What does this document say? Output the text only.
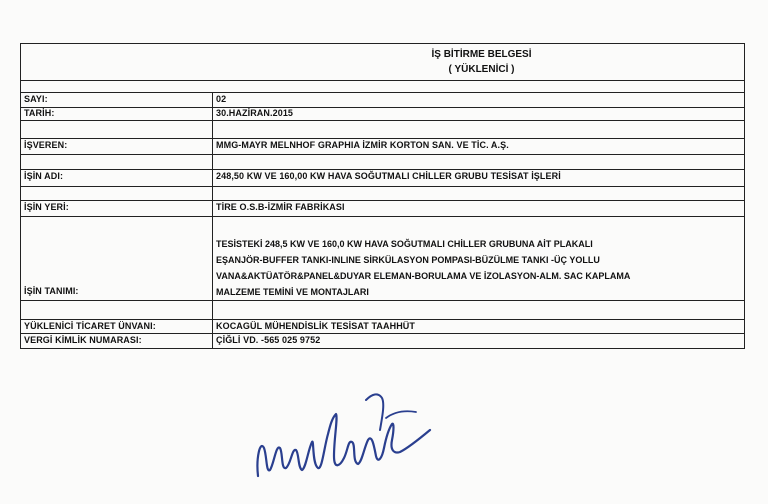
İŞ BİTİRME BELGESİ
( YÜKLENİCİ )
SAYI:
TARİH:
İŞVEREN:
İŞİN ADI:
İŞİN YERİ:
İŞİN TANIMI:
YÜKLENİCİ TİCARET ÜNVANI:
VERGİ KİMLİK NUMARASI:
02
30.HAZİRAN.2015
MMG-MAYR MELNHOF GRAPHIA İZMİR KORTON SAN. VE TİC. A.Ş.
248,50 KW VE 160,00 KW HAVA SOĞUTMALI CHİLLER GRUBU TESİSAT İŞLERİ
TİRE O.S.B-İZMİR FABRİKASI
TESİSTEKİ 248,5 KW VE 160,0 KW HAVA SOĞUTMALI CHİLLER GRUBUNA AİT PLAKALI
EŞANJÖR-BUFFER TANKI-INLINE SİRKÜLASYON POMPASI-BÜZÜLME TANKI -ÜÇ YOLLU
VANA&AKTÜATÖR&PANEL&DUYAR ELEMAN-BORULAMA VE İZOLASYON-ALM. SAC KAPLAMA
MALZEME TEMİNİ VE MONTAJLARI
KOCAGÜL MÜHENDİSLİK TESİSAT TAAHHÜT
ÇİĞLİ VD. -565 025 9752
